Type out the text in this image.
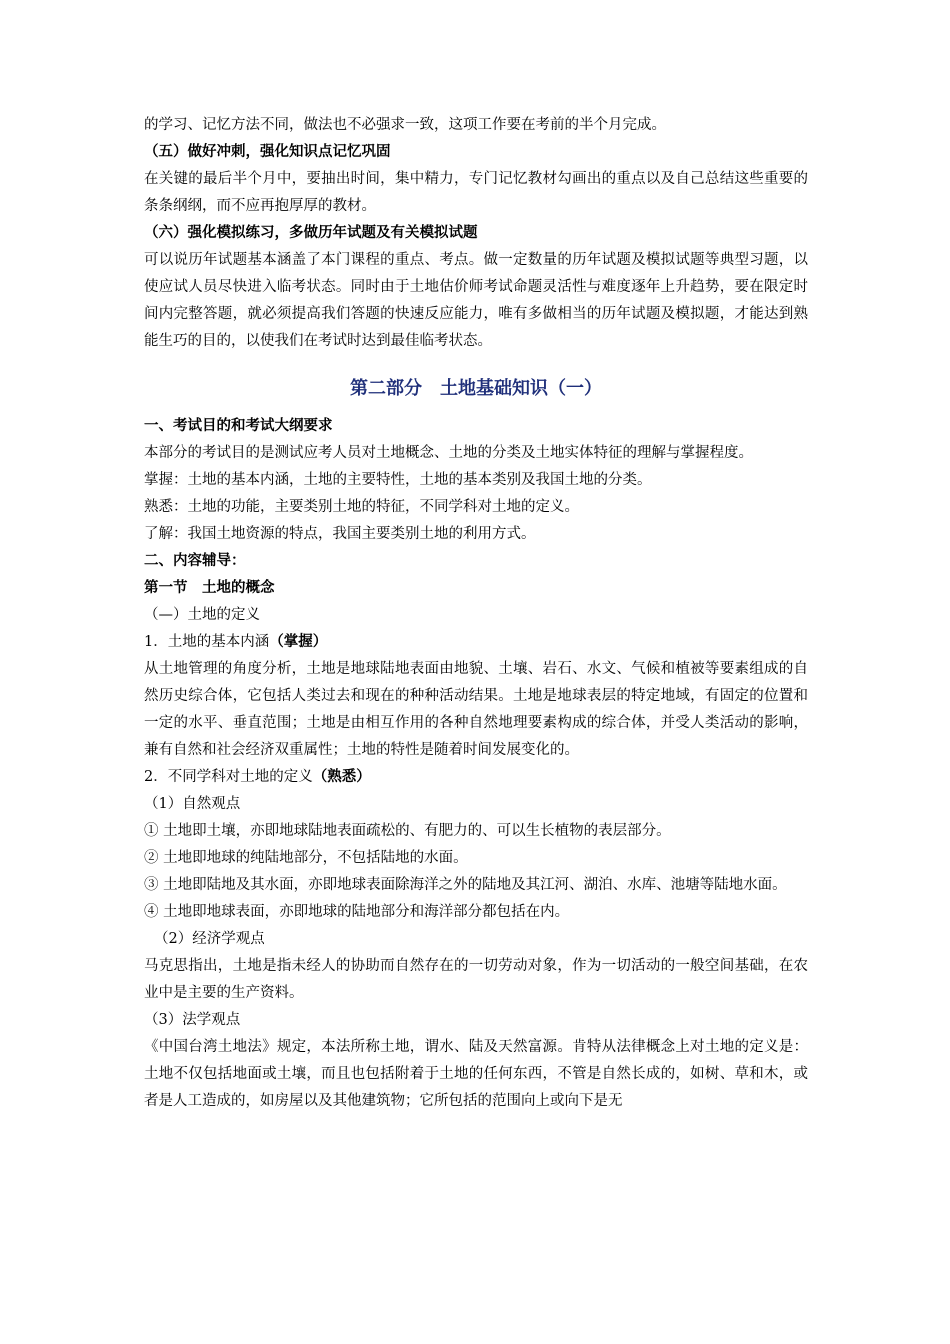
的学习、记忆方法不同，做法也不必强求一致，这项工作要在考前的半个月完成。

（五）做好冲刺，强化知识点记忆巩固

在关键的最后半个月中，要抽出时间，集中精力，专门记忆教材勾画出的重点以及自己总结这些重要的条条纲纲，而不应再抱厚厚的教材。

（六）强化模拟练习，多做历年试题及有关模拟试题

可以说历年试题基本涵盖了本门课程的重点、考点。做一定数量的历年试题及模拟试题等典型习题，以使应试人员尽快进入临考状态。同时由于土地估价师考试命题灵活性与难度逐年上升趋势，要在限定时间内完整答题，就必须提高我们答题的快速反应能力，唯有多做相当的历年试题及模拟题，才能达到熟能生巧的目的，以使我们在考试时达到最佳临考状态。

第二部分　土地基础知识（一）

一、考试目的和考试大纲要求

本部分的考试目的是测试应考人员对土地概念、土地的分类及土地实体特征的理解与掌握程度。

掌握：土地的基本内涵，土地的主要特性，土地的基本类别及我国土地的分类。

熟悉：土地的功能，主要类别土地的特征，不同学科对土地的定义。

了解：我国土地资源的特点，我国主要类别土地的利用方式。

二、内容辅导：

第一节　土地的概念

（—）土地的定义

1．土地的基本内涵（掌握）

从土地管理的角度分析，土地是地球陆地表面由地貌、土壤、岩石、水文、气候和植被等要素组成的自然历史综合体，它包括人类过去和现在的种种活动结果。土地是地球表层的特定地域，有固定的位置和一定的水平、垂直范围；土地是由相互作用的各种自然地理要素构成的综合体，并受人类活动的影响，兼有自然和社会经济双重属性；土地的特性是随着时间发展变化的。

2．不同学科对土地的定义（熟悉）

（1）自然观点

① 土地即土壤，亦即地球陆地表面疏松的、有肥力的、可以生长植物的表层部分。

② 土地即地球的纯陆地部分，不包括陆地的水面。

③ 土地即陆地及其水面，亦即地球表面除海洋之外的陆地及其江河、湖泊、水库、池塘等陆地水面。

④ 土地即地球表面，亦即地球的陆地部分和海洋部分都包括在内。

（2）经济学观点

马克思指出，土地是指未经人的协助而自然存在的一切劳动对象，作为一切活动的一般空间基础，在农业中是主要的生产资料。

（3）法学观点

《中国台湾土地法》规定，本法所称土地，谓水、陆及天然富源。肯特从法律概念上对土地的定义是：土地不仅包括地面或土壤，而且也包括附着于土地的任何东西，不管是自然长成的，如树、草和木，或者是人工造成的，如房屋以及其他建筑物；它所包括的范围向上或向下是无
